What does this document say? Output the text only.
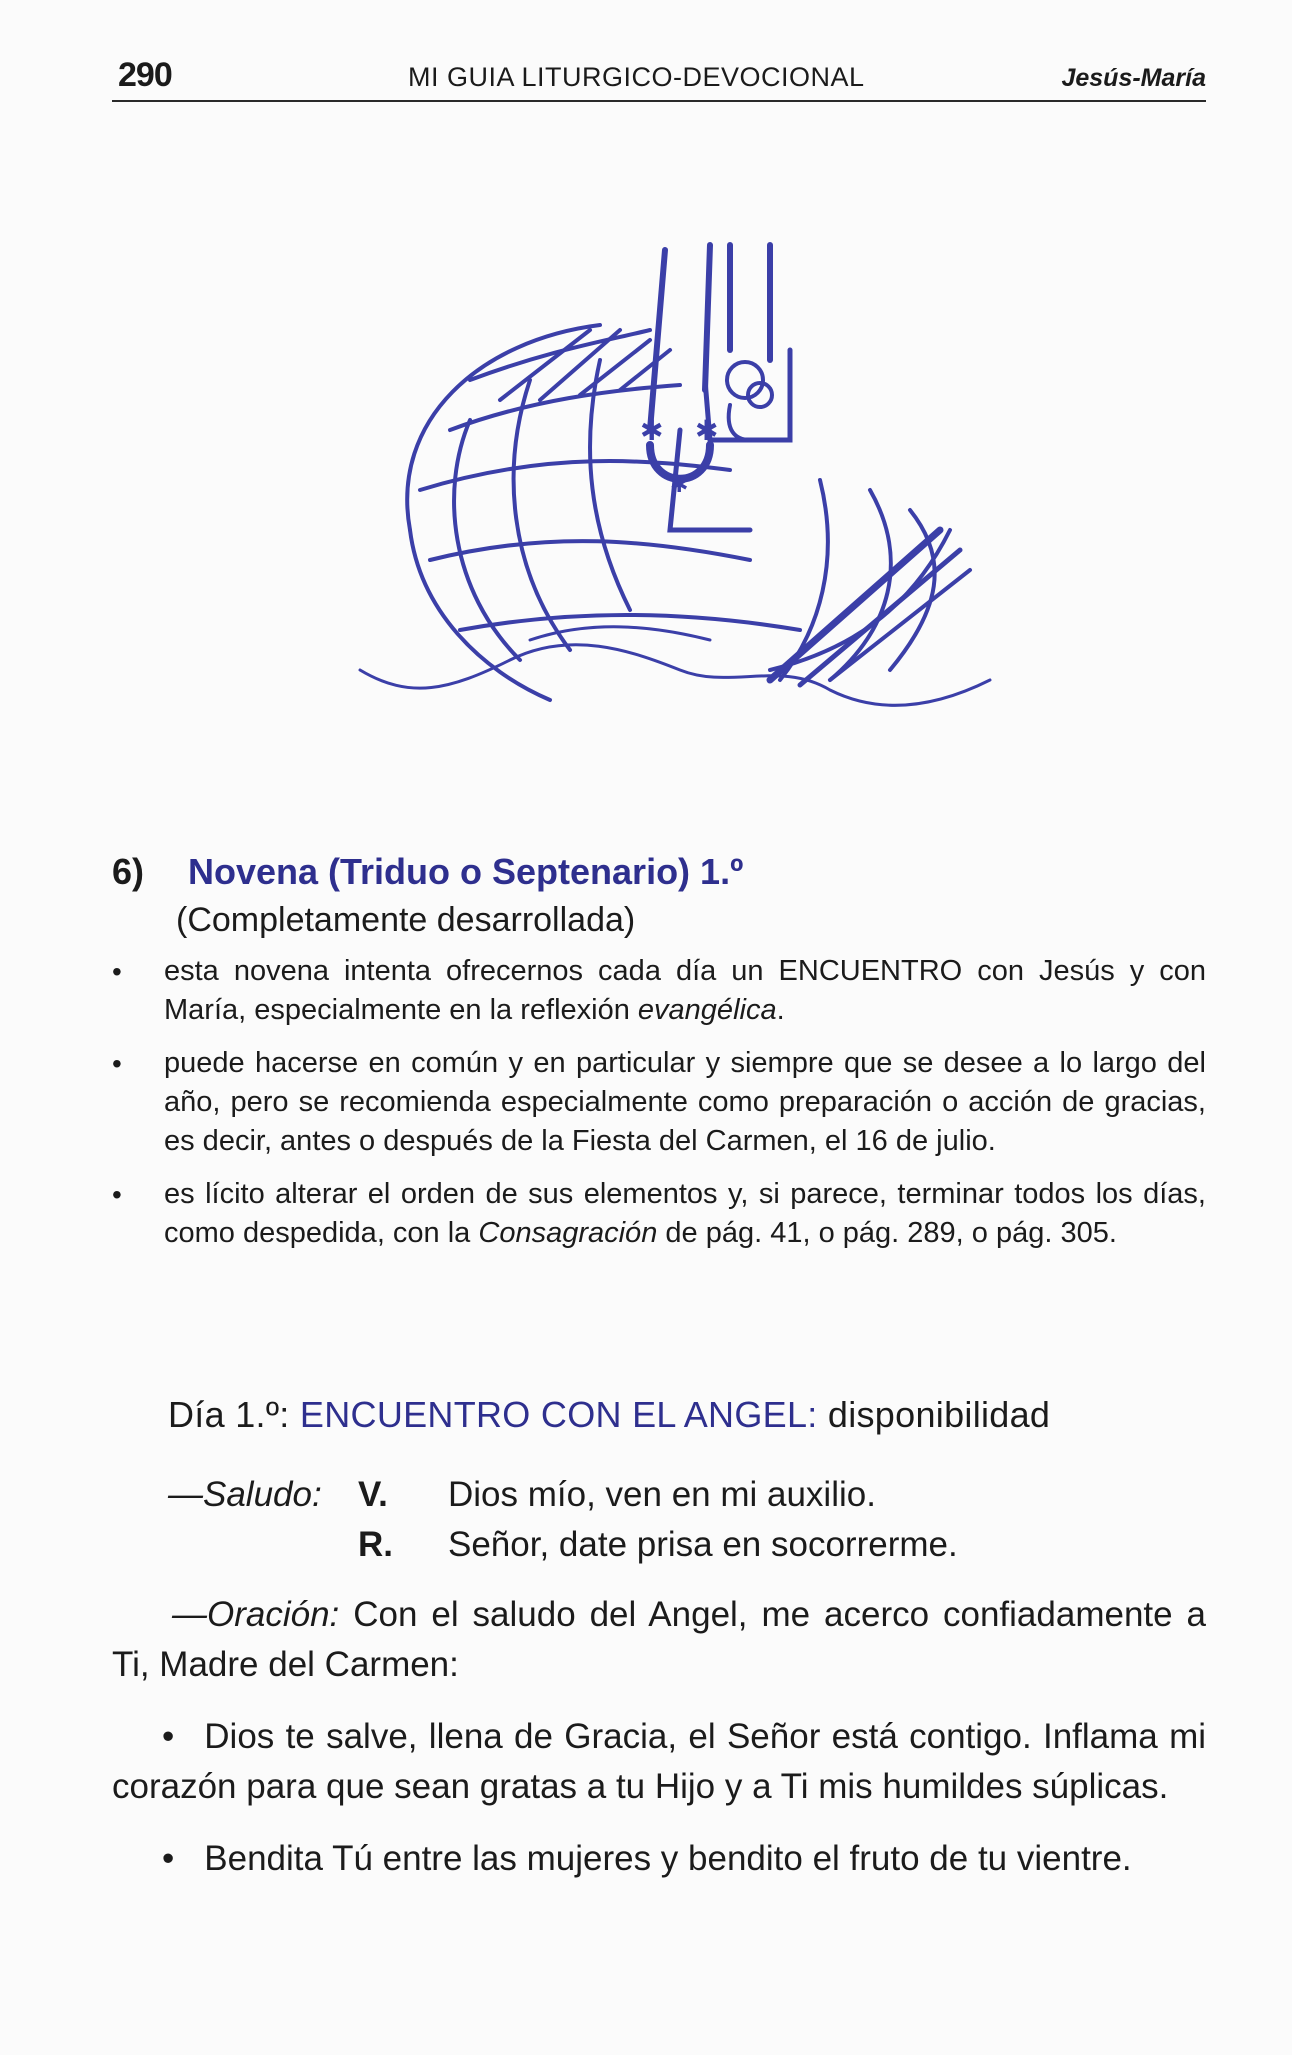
290	MI GUIA LITURGICO-DEVOCIONAL	Jesús-María
✱ ✱
✱

6) Novena (Triduo o Septenario) 1.º

(Completamente desarrollada)

• esta novena intenta ofrecernos cada día un ENCUENTRO con Jesús y con María, especialmente en la reflexión evangélica.
• puede hacerse en común y en particular y siempre que se desee a lo largo del año, pero se recomienda especialmente como preparación o acción de gracias, es decir, antes o después de la Fiesta del Carmen, el 16 de julio.
• es lícito alterar el orden de sus elementos y, si parece, terminar todos los días, como despedida, con la Consagración de pág. 41, o pág. 289, o pág. 305.
Día 1.º: ENCUENTRO CON EL ANGEL: disponibilidad
—Saludo: V. Dios mío, ven en mi auxilio.
R. Señor, date prisa en socorrerme.

—Oración: Con el saludo del Angel, me acerco confiadamente a Ti, Madre del Carmen:

• Dios te salve, llena de Gracia, el Señor está contigo. Inflama mi corazón para que sean gratas a tu Hijo y a Ti mis humildes súplicas.

• Bendita Tú entre las mujeres y bendito el fruto de tu vientre.
